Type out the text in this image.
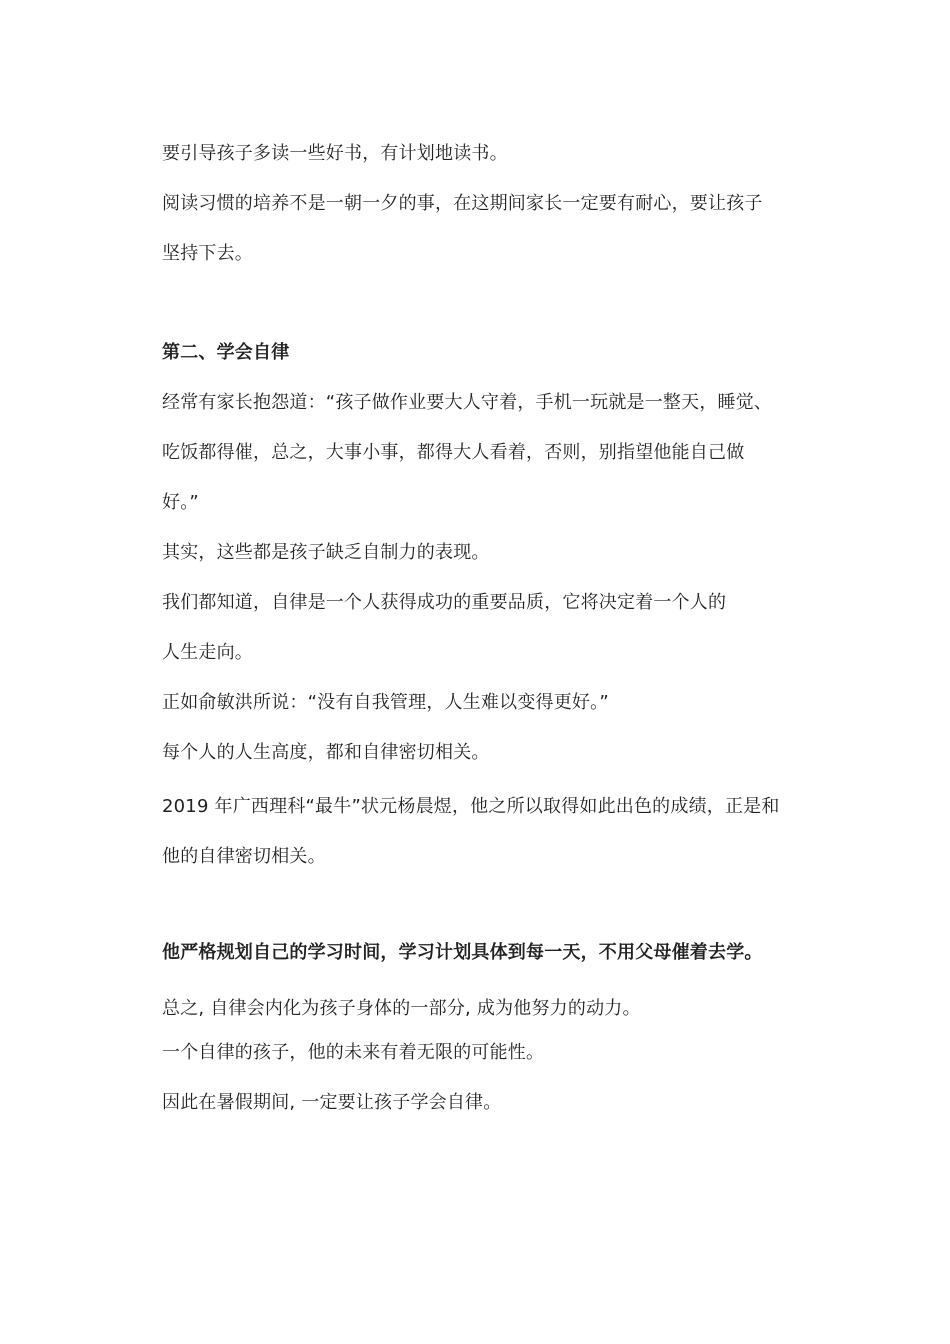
要引导孩子多读一些好书，有计划地读书。
阅读习惯的培养不是一朝一夕的事，在这期间家长一定要有耐心，要让孩子
坚持下去。
第二、学会自律
经常有家长抱怨道：“孩子做作业要大人守着，手机一玩就是一整天，睡觉、
吃饭都得催，总之，大事小事，都得大人看着，否则，别指望他能自己做
好。”
其实，这些都是孩子缺乏自制力的表现。
我们都知道，自律是一个人获得成功的重要品质，它将决定着一个人的
人生走向。
正如俞敏洪所说：“没有自我管理，人生难以变得更好。”
每个人的人生高度，都和自律密切相关。
2019 年广西理科“最牛”状元杨晨煜，他之所以取得如此出色的成绩，正是和
他的自律密切相关。
他严格规划自己的学习时间，学习计划具体到每一天，不用父母催着去学。
总之, 自律会内化为孩子身体的一部分, 成为他努力的动力。
一个自律的孩子，他的未来有着无限的可能性。
因此在暑假期间, 一定要让孩子学会自律。
